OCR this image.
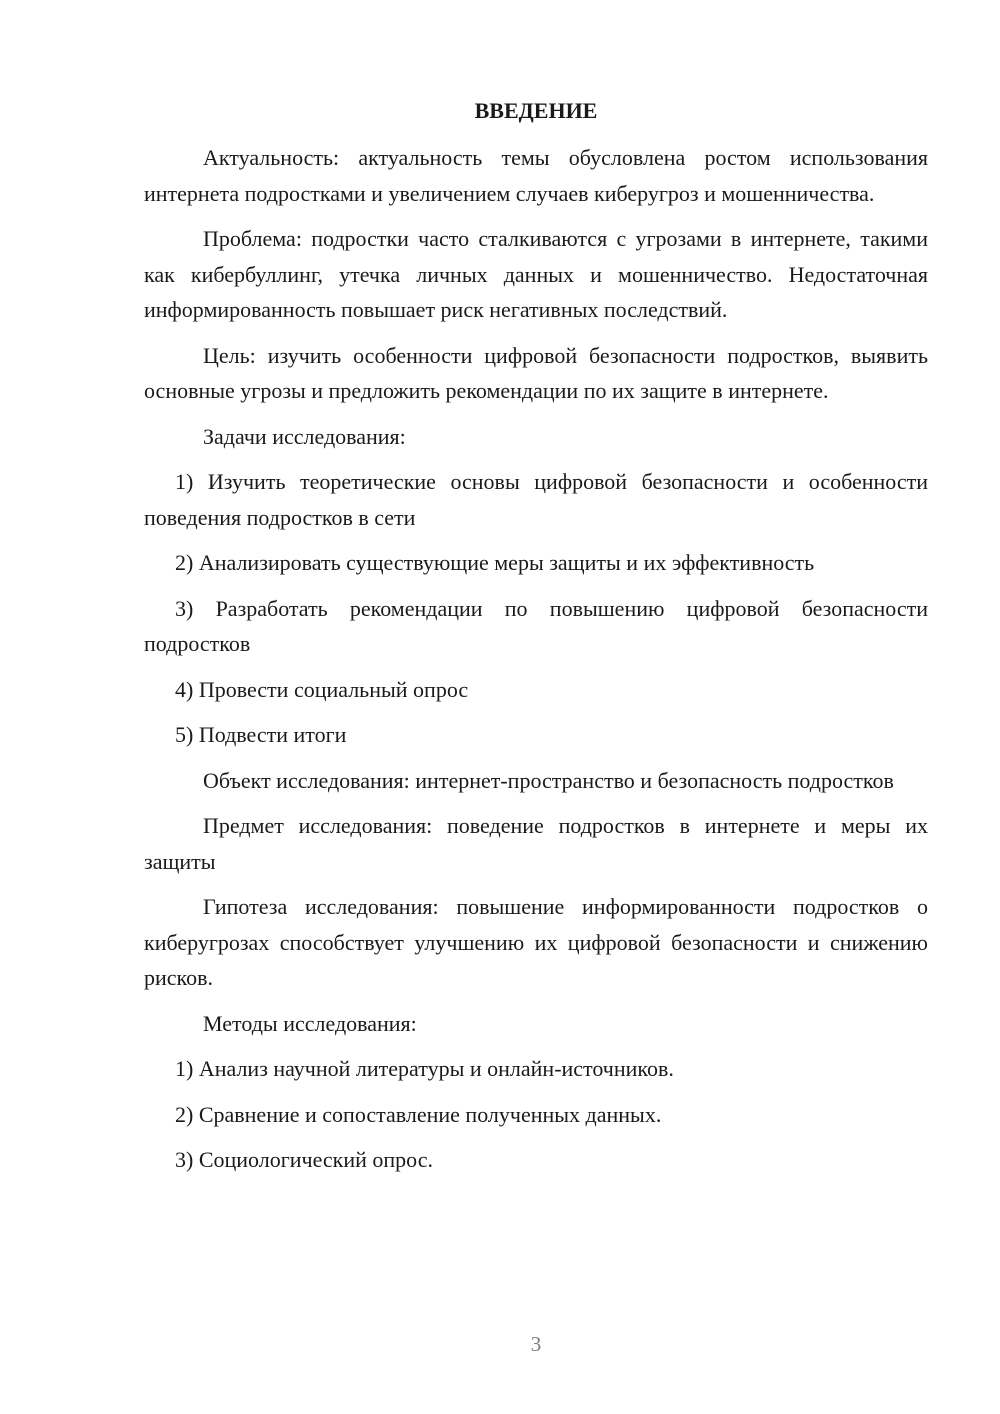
ВВЕДЕНИЕ

Актуальность: актуальность темы обусловлена ростом использования интернета подростками и увеличением случаев киберугроз и мошенничества.

Проблема: подростки часто сталкиваются с угрозами в интернете, такими как кибербуллинг, утечка личных данных и мошенничество. Недостаточная информированность повышает риск негативных последствий.

Цель: изучить особенности цифровой безопасности подростков, выявить основные угрозы и предложить рекомендации по их защите в интернете.

Задачи исследования:

1) Изучить теоретические основы цифровой безопасности и особенности поведения подростков в сети

2) Анализировать существующие меры защиты и их эффективность

3) Разработать рекомендации по повышению цифровой безопасности подростков

4) Провести социальный опрос

5) Подвести итоги

Объект исследования: интернет-пространство и безопасность подростков

Предмет исследования: поведение подростков в интернете и меры их защиты

Гипотеза исследования: повышение информированности подростков о киберугрозах способствует улучшению их цифровой безопасности и снижению рисков.

Методы исследования:

1) Анализ научной литературы и онлайн-источников.

2) Сравнение и сопоставление полученных данных.

3) Социологический опрос.

3
